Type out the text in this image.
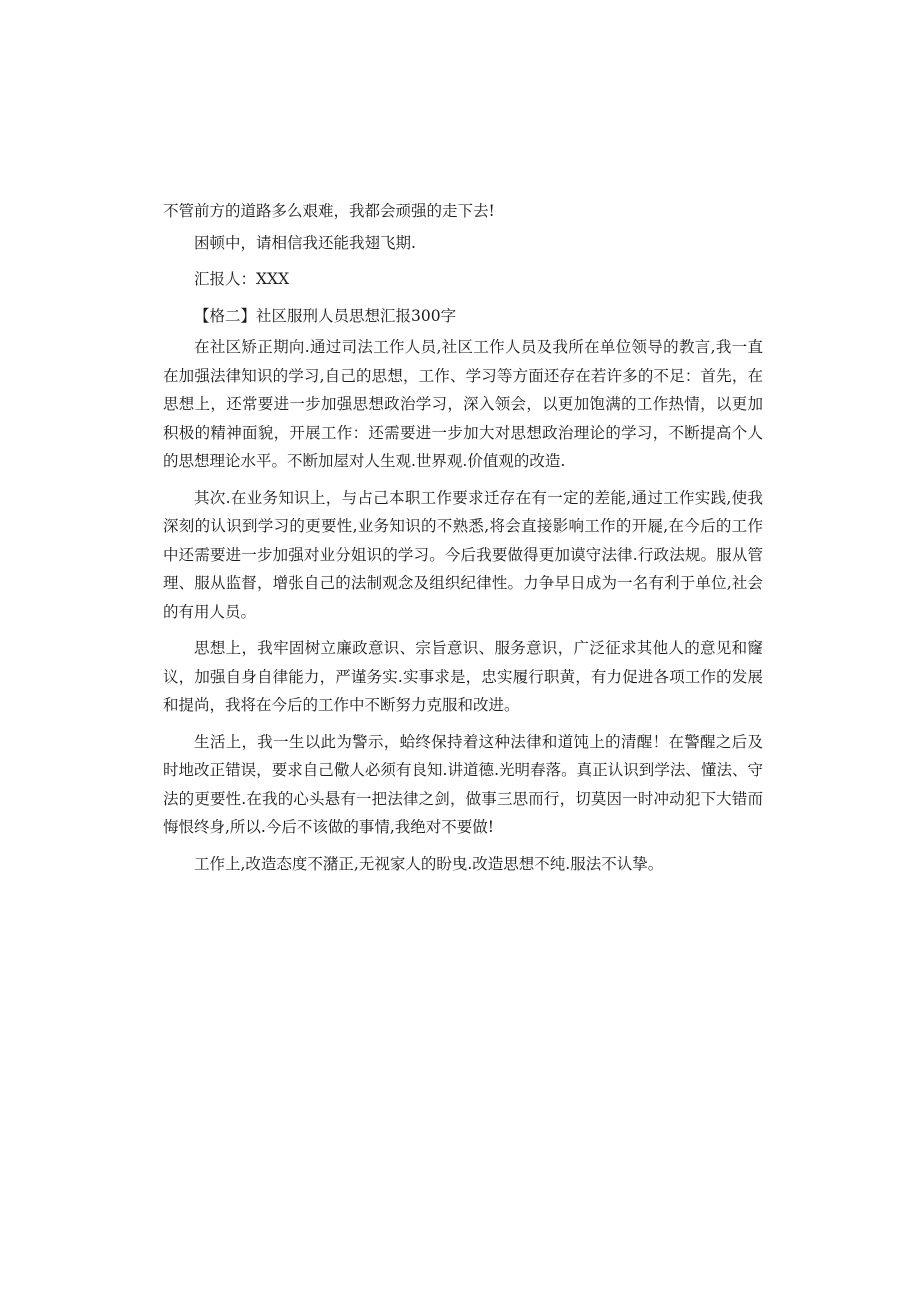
不管前方的道路多么艰难，我都会顽强的走下去!

困顿中，请相信我还能我翅飞期.

汇报人：XXX

【格二】社区服刑人员思想汇报300字

在社区矫正期向.通过司法工作人员,社区工作人员及我所在单位领导的教言,我一直在加强法律知识的学习,自己的思想，工作、学习等方面还存在若许多的不足：首先，在思想上，还常要进一步加强思想政治学习，深入领会，以更加饱满的工作热情，以更加积极的精神面貌，开展工作：还需要进一步加大对思想政治理论的学习，不断提高个人的思想理论水平。不断加屋对人生观.世界观.价值观的改造.

其次.在业务知识上，与占己本职工作要求迁存在有一定的差能,通过工作实践,使我深刻的认识到学习的更要性,业务知识的不熟悉,将会直接影响工作的开屣,在今后的工作中还需要进一步加强对业分姐识的学习。今后我要做得更加谟守法律.行政法规。服从管理、服从监督，增张自己的法制观念及组织纪律性。力争早日成为一名有利于单位,社会的有用人员。

思想上，我牢固树立廉政意识、宗旨意识、服务意识，广泛征求其他人的意见和窿议，加强自身自律能力，严谨务实.实事求是，忠实履行职黄，有力促进各项工作的发展和提尚，我将在今后的工作中不断努力克服和改进。

生活上，我一生以此为警示，蛤终保持着这种法律和道饨上的清醒！在警醒之后及时地改正错误，要求自己儆人必须有良知.讲道德.光明春落。真正认识到学法、懂法、守法的更要性.在我的心头悬有一把法律之剑，做事三思而行，切莫因一时冲动犯下大错而悔恨终身,所以.今后不该做的事情,我绝对不要做!

工作上,改造态度不潴正,无视家人的盼曳.改造思想不纯.服法不认挚。
